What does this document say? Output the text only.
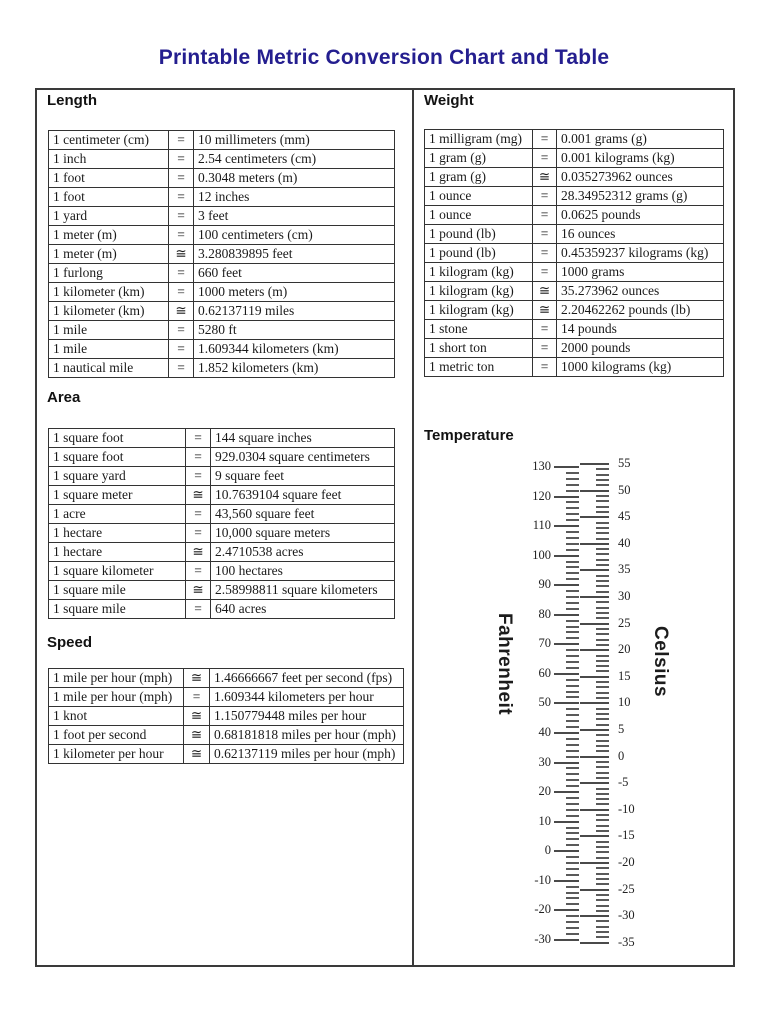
Printable Metric Conversion Chart and Table
Length
1 centimeter (cm)	=	10 millimeters (mm)
1 inch	=	2.54 centimeters (cm)
1 foot	=	0.3048 meters (m)
1 foot	=	12 inches
1 yard	=	3 feet
1 meter (m)	=	100 centimeters (cm)
1 meter (m)	≅	3.280839895 feet
1 furlong	=	660 feet
1 kilometer (km)	=	1000 meters (m)
1 kilometer (km)	≅	0.62137119 miles
1 mile	=	5280 ft
1 mile	=	1.609344 kilometers (km)
1 nautical mile	=	1.852 kilometers (km)
Area
1 square foot	=	144 square inches
1 square foot	=	929.0304 square centimeters
1 square yard	=	9 square feet
1 square meter	≅	10.7639104 square feet
1 acre	=	43,560 square feet
1 hectare	=	10,000 square meters
1 hectare	≅	2.4710538 acres
1 square kilometer	=	100 hectares
1 square mile	≅	2.58998811 square kilometers
1 square mile	=	640 acres
Speed
1 mile per hour (mph)	≅	1.46666667 feet per second (fps)
1 mile per hour (mph)	=	1.609344 kilometers per hour
1 knot	≅	1.150779448 miles per hour
1 foot per second	≅	0.68181818 miles per hour (mph)
1 kilometer per hour	≅	0.62137119 miles per hour (mph)
Weight
1 milligram (mg)	=	0.001 grams (g)
1 gram (g)	=	0.001 kilograms (kg)
1 gram (g)	≅	0.035273962 ounces
1 ounce	=	28.34952312 grams (g)
1 ounce	=	0.0625 pounds
1 pound (lb)	=	16 ounces
1 pound (lb)	=	0.45359237 kilograms (kg)
1 kilogram (kg)	=	1000 grams
1 kilogram (kg)	≅	35.273962 ounces
1 kilogram (kg)	≅	2.20462262 pounds (lb)
1 stone	=	14 pounds
1 short ton	=	2000 pounds
1 metric ton	=	1000 kilograms (kg)
Temperature
Fahrenheit	Celsius
130
120
110
100
90
80
70
60
50
40
30
20
10
0
-10
-20
-30
55
50
45
40
35
30
25
20
15
10
5
0
-5
-10
-15
-20
-25
-30
-35
